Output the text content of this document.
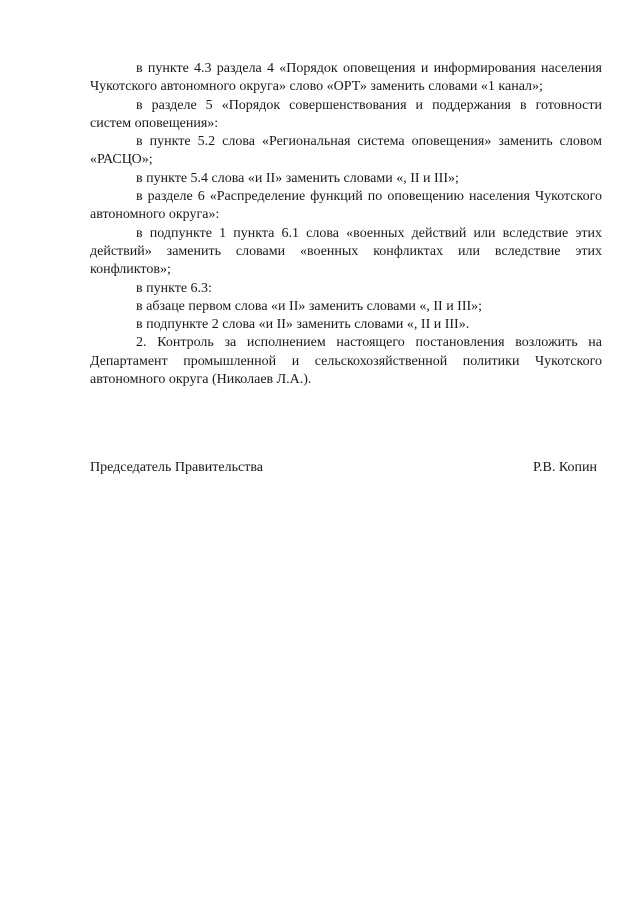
в пункте 4.3 раздела 4 «Порядок оповещения и информирования населения Чукотского автономного округа» слово «ОРТ» заменить словами «1 канал»;

в разделе 5 «Порядок совершенствования и поддержания в готовности систем оповещения»:

в пункте 5.2 слова «Региональная система оповещения» заменить словом «РАСЦО»;

в пункте 5.4 слова «и II» заменить словами «, II и III»;

в разделе 6 «Распределение функций по оповещению населения Чукотского автономного округа»:

в подпункте 1 пункта 6.1 слова «военных действий или вследствие этих действий» заменить словами «военных конфликтах или вследствие этих конфликтов»;

в пункте 6.3:

в абзаце первом слова «и II» заменить словами «, II и III»;

в подпункте 2 слова «и II» заменить словами «, II и III».

2. Контроль за исполнением настоящего постановления возложить на Департамент промышленной и сельскохозяйственной политики Чукотского автономного округа (Николаев Л.А.).

Председатель Правительства	Р.В. Копин
